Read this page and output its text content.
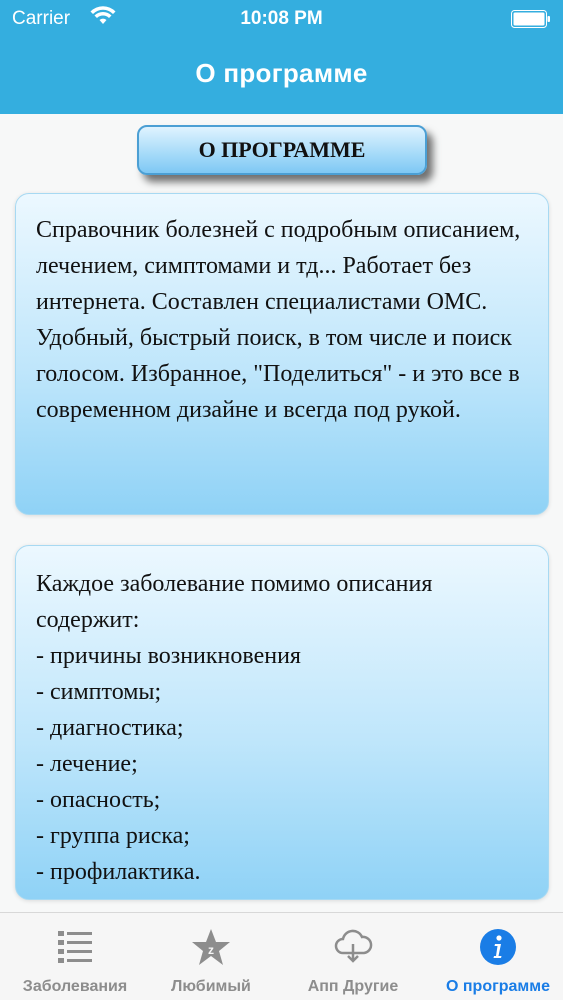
Carrier	10:08 PM
О программе
О ПРОГРАММЕ
Справочник болезней с подробным описанием, лечением, симптомами и тд... Работает без интернета. Составлен специалистами ОМС. Удобный, быстрый поиск, в том числе и поиск голосом. Избранное, "Поделиться" - и это все в современном дизайне и всегда под рукой.
Каждое заболевание помимо описания содержит:
- причины возникновения
- симптомы;
- диагностика;
- лечение;
- опасность;
- группа риска;
- профилактика.
Заболевания
z
Любимый	Апп Другие	О программе
